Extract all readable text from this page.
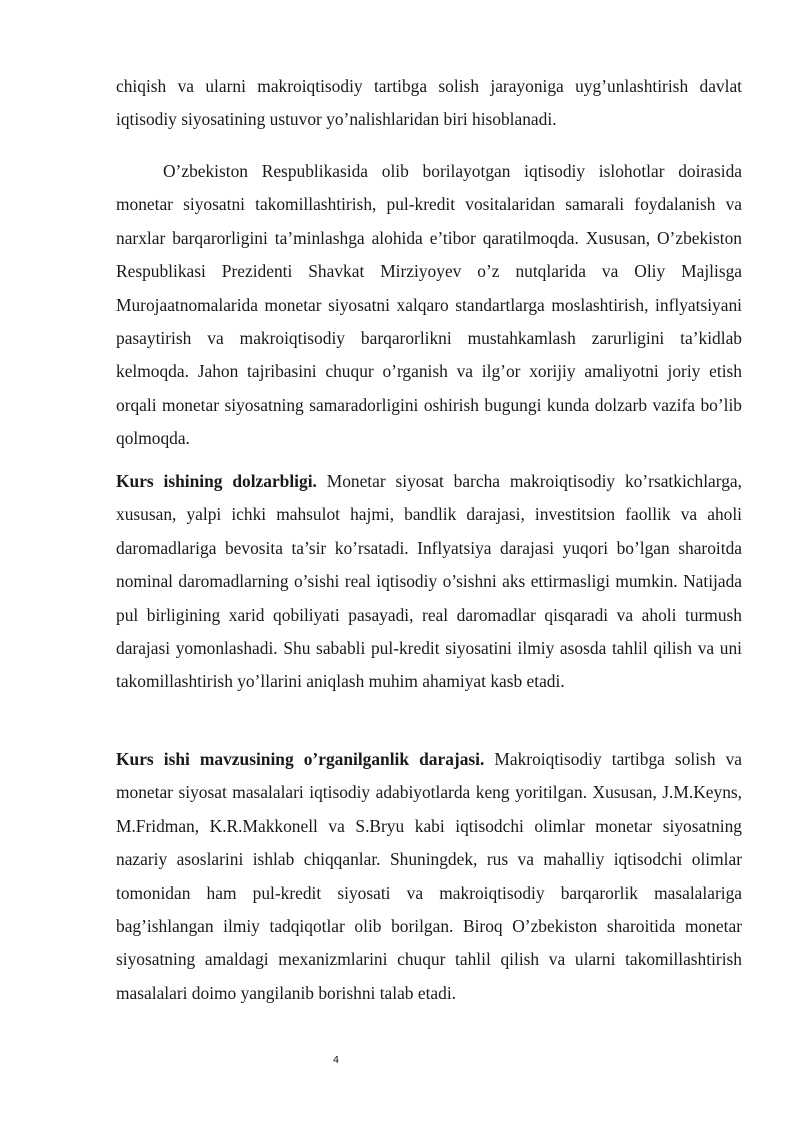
chiqish va ularni makroiqtisodiy tartibga solish jarayoniga uyg’unlashtirish davlat iqtisodiy siyosatining ustuvor yo’nalishlaridan biri hisoblanadi.

O’zbekiston Respublikasida olib borilayotgan iqtisodiy islohotlar doirasida monetar siyosatni takomillashtirish, pul-kredit vositalaridan samarali foydalanish va narxlar barqarorligini ta’minlashga alohida e’tibor qaratilmoqda. Xususan, O’zbekiston Respublikasi Prezidenti Shavkat Mirziyoyev o’z nutqlarida va Oliy Majlisga Murojaatnomalarida monetar siyosatni xalqaro standartlarga moslashtirish, inflyatsiyani pasaytirish va makroiqtisodiy barqarorlikni mustahkamlash zarurligini ta’kidlab kelmoqda. Jahon tajribasini chuqur o’rganish va ilg’or xorijiy amaliyotni joriy etish orqali monetar siyosatning samaradorligini oshirish bugungi kunda dolzarb vazifa bo’lib qolmoqda.

Kurs ishining dolzarbligi. Monetar siyosat barcha makroiqtisodiy ko’rsatkichlarga, xususan, yalpi ichki mahsulot hajmi, bandlik darajasi, investitsion faollik va aholi daromadlariga bevosita ta’sir ko’rsatadi. Inflyatsiya darajasi yuqori bo’lgan sharoitda nominal daromadlarning o’sishi real iqtisodiy o’sishni aks ettirmasligi mumkin. Natijada pul birligining xarid qobiliyati pasayadi, real daromadlar qisqaradi va aholi turmush darajasi yomonlashadi. Shu sababli pul-kredit siyosatini ilmiy asosda tahlil qilish va uni takomillashtirish yo’llarini aniqlash muhim ahamiyat kasb etadi.

Kurs ishi mavzusining o’rganilganlik darajasi. Makroiqtisodiy tartibga solish va monetar siyosat masalalari iqtisodiy adabiyotlarda keng yoritilgan. Xususan, J.M.Keyns, M.Fridman, K.R.Makkonell va S.Bryu kabi iqtisodchi olimlar monetar siyosatning nazariy asoslarini ishlab chiqqanlar. Shuningdek, rus va mahalliy iqtisodchi olimlar tomonidan ham pul-kredit siyosati va makroiqtisodiy barqarorlik masalalariga bag’ishlangan ilmiy tadqiqotlar olib borilgan. Biroq O’zbekiston sharoitida monetar siyosatning amaldagi mexanizmlarini chuqur tahlil qilish va ularni takomillashtirish masalalari doimo yangilanib borishni talab etadi.

4
